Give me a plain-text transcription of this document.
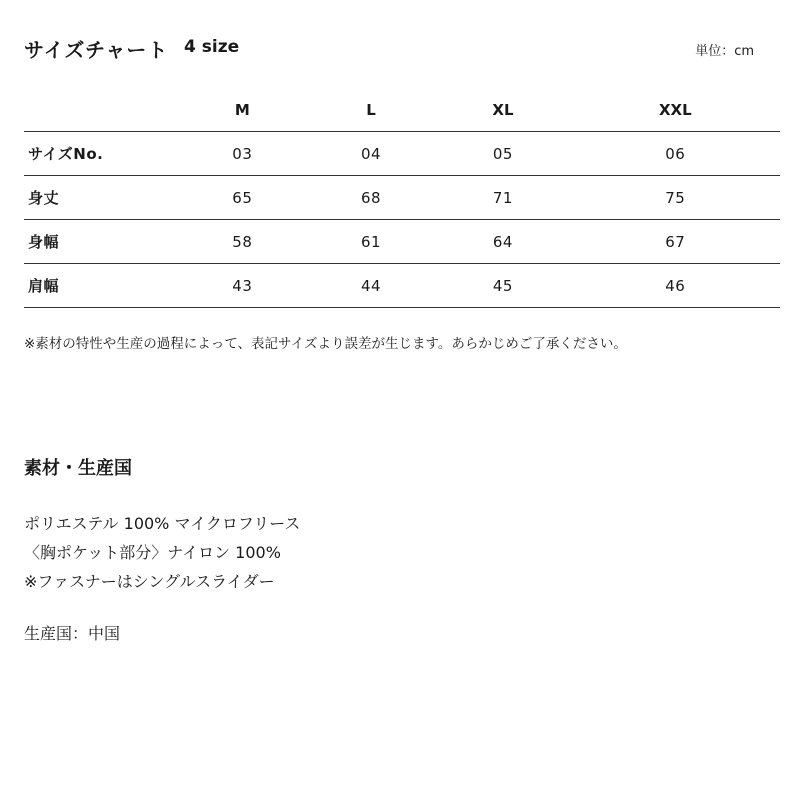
サイズチャート 4 size	単位：cm
	M	L	XL	XXL
サイズNo.	03	04	05	06
身丈	65	68	71	75
身幅	58	61	64	67
肩幅	43	44	45	46
※素材の特性や生産の過程によって、表記サイズより誤差が生じます。あらかじめご了承ください。
素材・生産国
ポリエステル 100% マイクロフリース
〈胸ポケット部分〉ナイロン 100%
※ファスナーはシングルスライダー
生産国：中国
